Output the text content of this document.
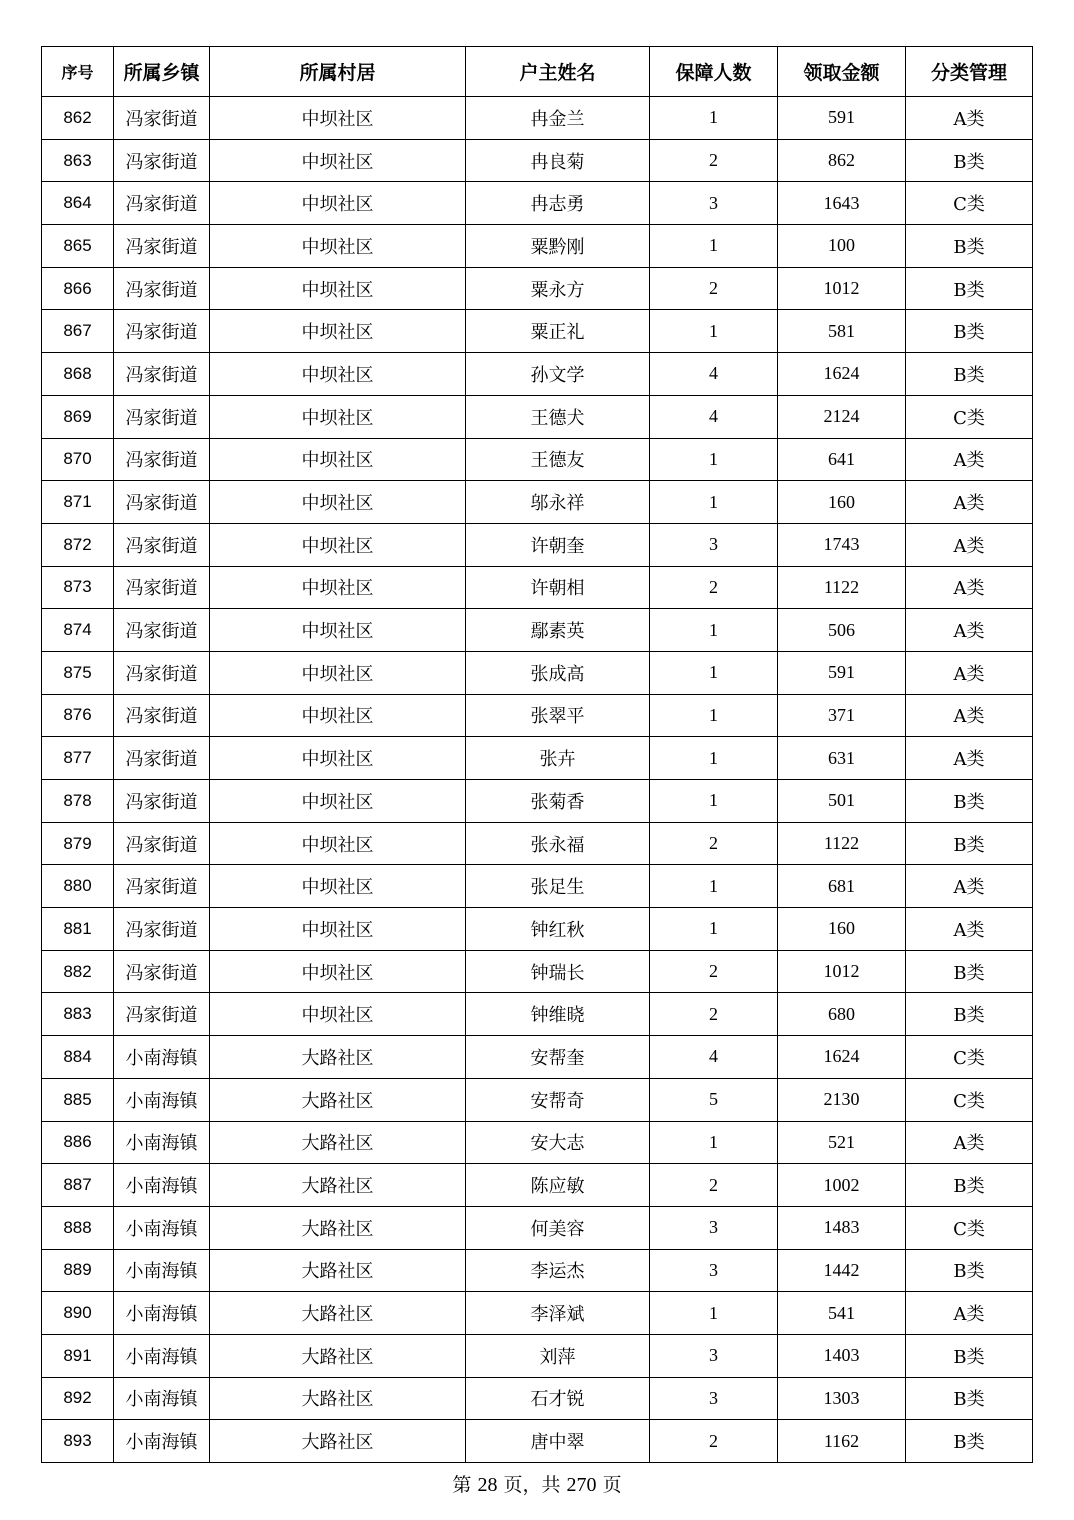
序号	所属乡镇	所属村居	户主姓名	保障人数	领取金额	分类管理
862	冯家街道	中坝社区	冉金兰	1	591	A类
863	冯家街道	中坝社区	冉良菊	2	862	B类
864	冯家街道	中坝社区	冉志勇	3	1643	C类
865	冯家街道	中坝社区	粟黔刚	1	100	B类
866	冯家街道	中坝社区	粟永方	2	1012	B类
867	冯家街道	中坝社区	粟正礼	1	581	B类
868	冯家街道	中坝社区	孙文学	4	1624	B类
869	冯家街道	中坝社区	王德犬	4	2124	C类
870	冯家街道	中坝社区	王德友	1	641	A类
871	冯家街道	中坝社区	邬永祥	1	160	A类
872	冯家街道	中坝社区	许朝奎	3	1743	A类
873	冯家街道	中坝社区	许朝相	2	1122	A类
874	冯家街道	中坝社区	鄢素英	1	506	A类
875	冯家街道	中坝社区	张成高	1	591	A类
876	冯家街道	中坝社区	张翠平	1	371	A类
877	冯家街道	中坝社区	张卉	1	631	A类
878	冯家街道	中坝社区	张菊香	1	501	B类
879	冯家街道	中坝社区	张永福	2	1122	B类
880	冯家街道	中坝社区	张足生	1	681	A类
881	冯家街道	中坝社区	钟红秋	1	160	A类
882	冯家街道	中坝社区	钟瑞长	2	1012	B类
883	冯家街道	中坝社区	钟维晓	2	680	B类
884	小南海镇	大路社区	安帮奎	4	1624	C类
885	小南海镇	大路社区	安帮奇	5	2130	C类
886	小南海镇	大路社区	安大志	1	521	A类
887	小南海镇	大路社区	陈应敏	2	1002	B类
888	小南海镇	大路社区	何美容	3	1483	C类
889	小南海镇	大路社区	李运杰	3	1442	B类
890	小南海镇	大路社区	李泽斌	1	541	A类
891	小南海镇	大路社区	刘萍	3	1403	B类
892	小南海镇	大路社区	石才锐	3	1303	B类
893	小南海镇	大路社区	唐中翠	2	1162	B类
第 28 页，共 270 页
